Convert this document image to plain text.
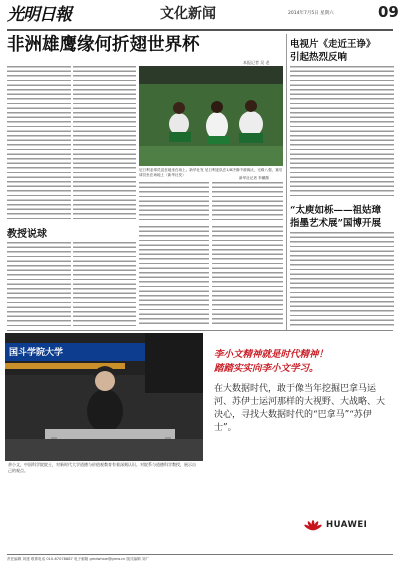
光明日報	文化新闻	2014年7月5日 星期六	09
非洲雄鹰缘何折翅世界杯
本报记者 吴 老
尼日利亚球员沮丧地坐在场上。新华社发 尼日利亚队在1/8决赛中被淘汰，无缘八强，赛后球员坐在场地上（新华社发）
新华社记者 李鹏摄
教授说球
电视片《走近王诤》
引起热烈反响
“太庾如栎——祖姑璋
指墨艺术展”国博开展
国斗学院大学
余小文，中国科学院院士，对新时代大学道德与价值观教育有着深刻认识。对院系与道德科学教授，展示自己的观点。
李小文精神就是时代精神！
踏踏实实向李小文学习。
在大数据时代，敢于像当年挖掘巴拿马运河、苏伊士运河那样的大视野、大战略、大决心，寻找大数据时代的“巴拿马”“苏伊士”。
HUAWEI
责任编辑 刘建 联系电话 010-67078887 电子邮箱 gmdwhxw@gmw.cn 版式编辑 刘广
